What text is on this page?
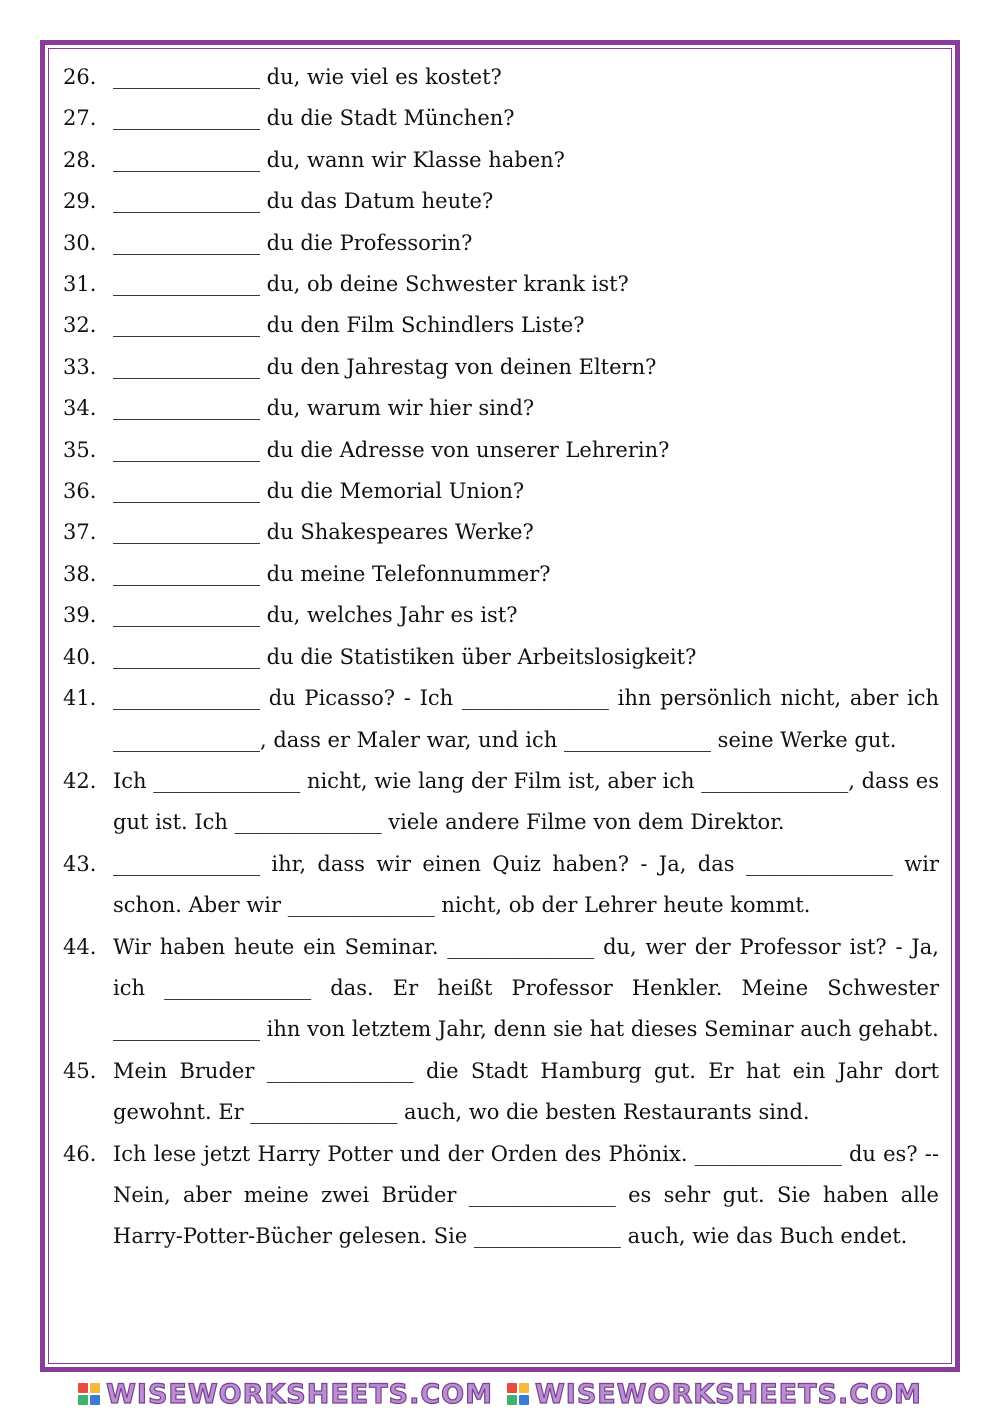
26. ______________ du, wie viel es kostet?
27. ______________ du die Stadt München?
28. ______________ du, wann wir Klasse haben?
29. ______________ du das Datum heute?
30. ______________ du die Professorin?
31. ______________ du, ob deine Schwester krank ist?
32. ______________ du den Film Schindlers Liste?
33. ______________ du den Jahrestag von deinen Eltern?
34. ______________ du, warum wir hier sind?
35. ______________ du die Adresse von unserer Lehrerin?
36. ______________ du die Memorial Union?
37. ______________ du Shakespeares Werke?
38. ______________ du meine Telefonnummer?
39. ______________ du, welches Jahr es ist?
40. ______________ du die Statistiken über Arbeitslosigkeit?
41. ______________ du Picasso? - Ich ______________ ihn persönlich nicht, aber ich ______________, dass er Maler war, und ich ______________ seine Werke gut.
42. Ich ______________ nicht, wie lang der Film ist, aber ich ______________, dass es gut ist. Ich ______________ viele andere Filme von dem Direktor.
43. ______________ ihr, dass wir einen Quiz haben? - Ja, das ______________ wir schon. Aber wir ______________ nicht, ob der Lehrer heute kommt.
44. Wir haben heute ein Seminar. ______________ du, wer der Professor ist? - Ja, ich ______________ das. Er heißt Professor Henkler. Meine Schwester ______________ ihn von letztem Jahr, denn sie hat dieses Seminar auch gehabt.
45. Mein Bruder ______________ die Stadt Hamburg gut. Er hat ein Jahr dort gewohnt. Er ______________ auch, wo die besten Restaurants sind.
46. Ich lese jetzt Harry Potter und der Orden des Phönix. ______________ du es? -- Nein, aber meine zwei Brüder ______________ es sehr gut. Sie haben alle Harry-Potter-Bücher gelesen. Sie ______________ auch, wie das Buch endet.
WISEWORKSHEETS.COM WISEWORKSHEETS.COM
